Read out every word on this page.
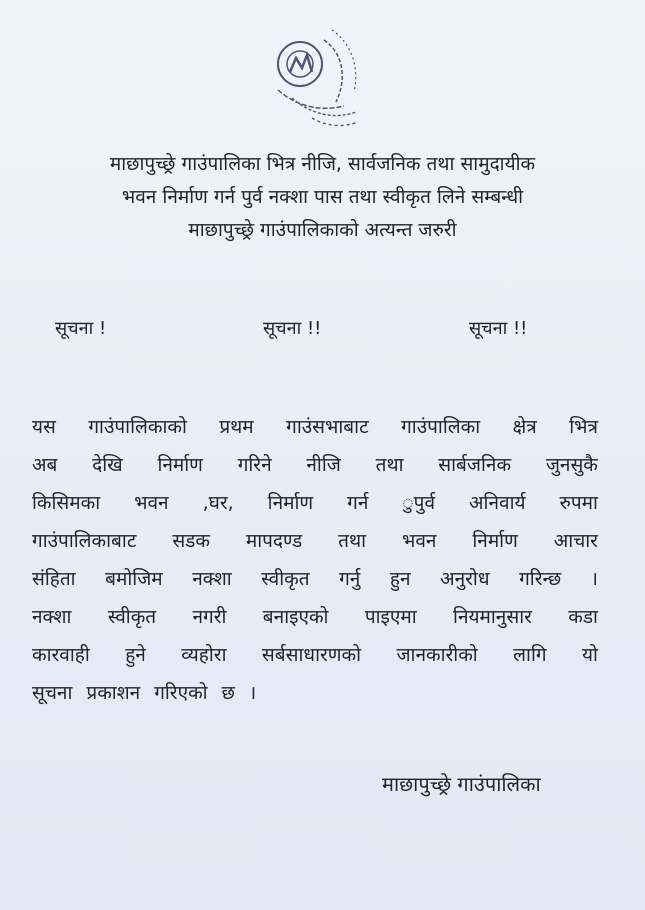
माछापुच्छ्रे गाउंपालिका भित्र नीजि, सार्वजनिक तथा सामुदायीक
भवन निर्माण गर्न पुर्व नक्शा पास तथा स्वीकृत लिने सम्बन्धी
माछापुच्छ्रे गाउंपालिकाको अत्यन्त जरुरी
सूचना !	सूचना !!	सूचना !!
यस गाउंपालिकाको प्रथम गाउंसभाबाट गाउंपालिका क्षेत्र भित्र
अब देखि निर्माण गरिने नीजि तथा सार्बजनिक जुनसुकै
किसिमका भवन ,घर, निर्माण गर्न ुपुर्व अनिवार्य रुपमा
गाउंपालिकाबाट सडक मापदण्ड तथा भवन निर्माण आचार
संहिता बमोजिम नक्शा स्वीकृत गर्नु हुन अनुरोध गरिन्छ ।
नक्शा स्वीकृत नगरी बनाइएको पाइएमा नियमानुसार कडा
कारवाही हुने व्यहोरा सर्बसाधारणको जानकारीको लागि यो
सूचना प्रकाशन गरिएको छ ।
माछापुच्छ्रे गाउंपालिका
